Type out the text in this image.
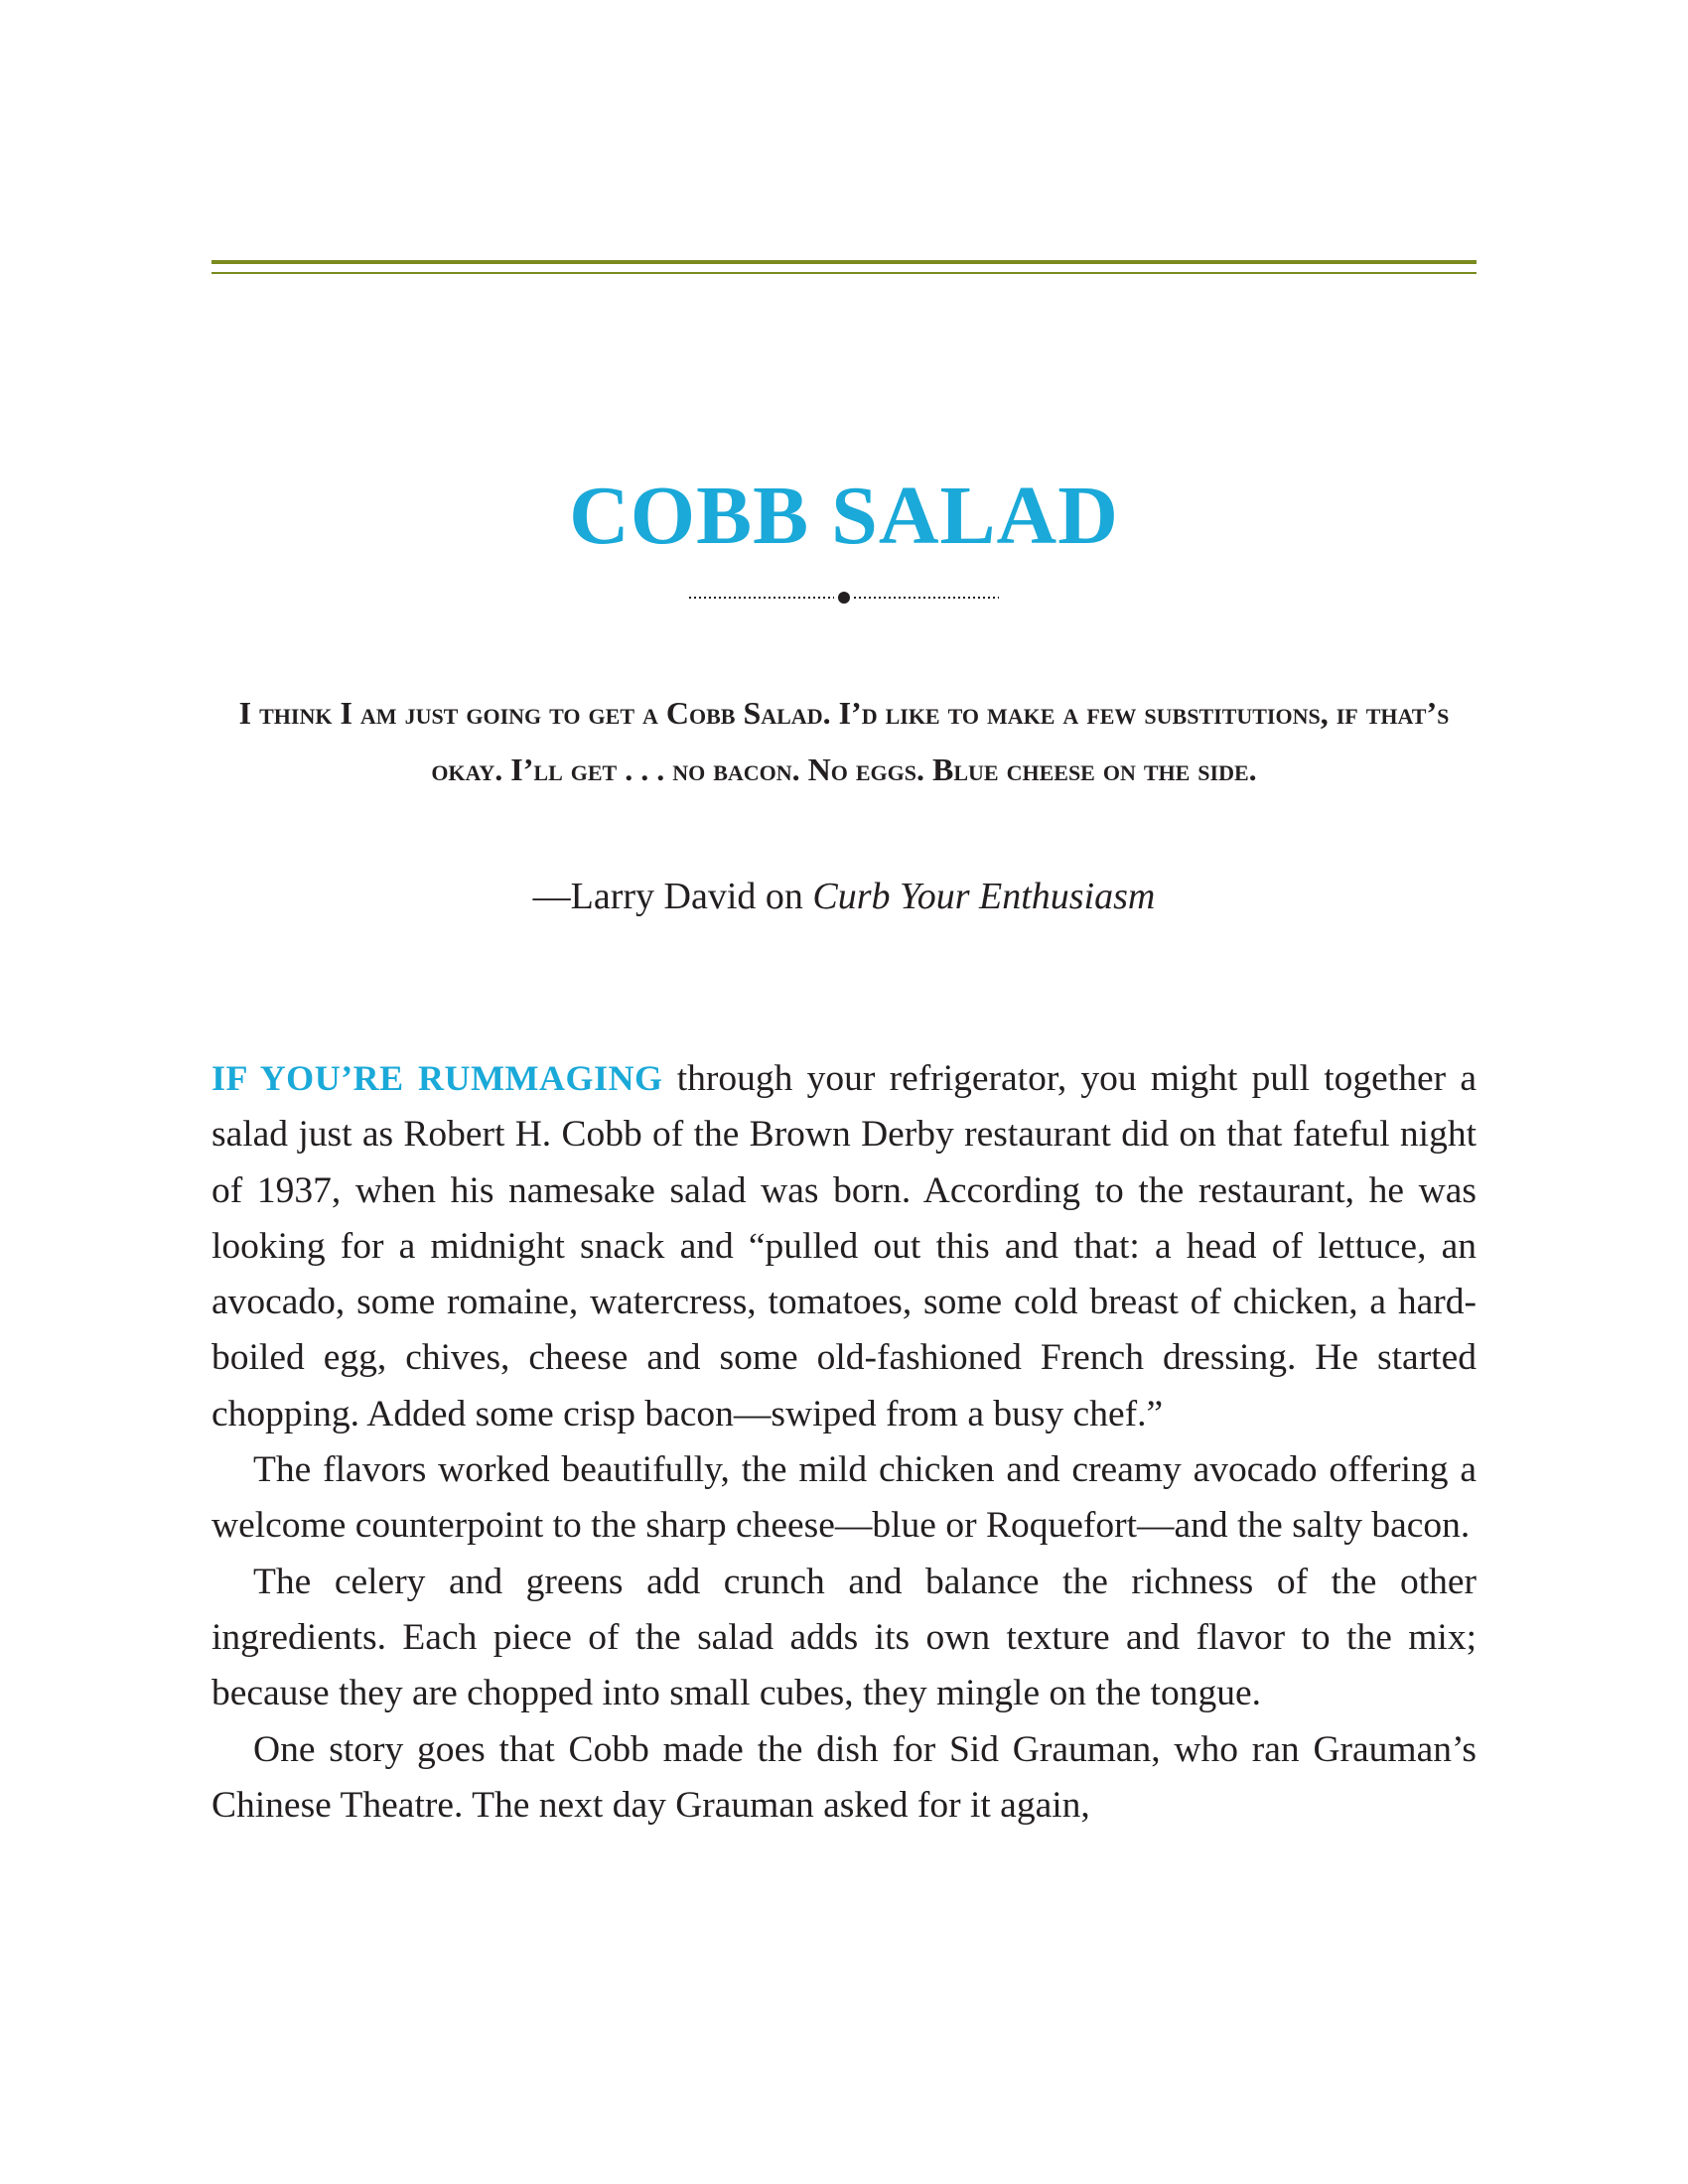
COBB SALAD

I think I am just going to get a Cobb Salad. I’d like to make a few substitutions, if that’s okay. I’ll get . . . no bacon. No eggs. Blue cheese on the side.

—Larry David on Curb Your Enthusiasm

IF YOU’RE RUMMAGING through your refrigerator, you might pull together a salad just as Robert H. Cobb of the Brown Derby restaurant did on that fateful night of 1937, when his namesake salad was born. According to the restaurant, he was looking for a midnight snack and “pulled out this and that: a head of lettuce, an avocado, some romaine, watercress, tomatoes, some cold breast of chicken, a hard-boiled egg, chives, cheese and some old-fashioned French dressing. He started chopping. Added some crisp bacon—swiped from a busy chef.”

The flavors worked beautifully, the mild chicken and creamy avocado offering a welcome counterpoint to the sharp cheese—blue or Roquefort—and the salty bacon.

The celery and greens add crunch and balance the richness of the other ingredients. Each piece of the salad adds its own texture and flavor to the mix; because they are chopped into small cubes, they mingle on the tongue.

One story goes that Cobb made the dish for Sid Grauman, who ran Grauman’s Chinese Theatre. The next day Grauman asked for it again,
